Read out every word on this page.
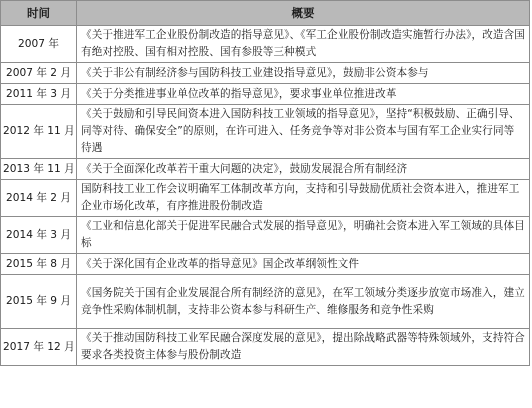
时间	概要
2007 年	《关于推进军工企业股份制改造的指导意见》、《军工企业股份制改造实施暂行办法》，改造含国有绝对控股、国有相对控股、国有参股等三种模式
2007 年 2 月	《关于非公有制经济参与国防科技工业建设指导意见》，鼓励非公资本参与
2011 年 3 月	《关于分类推进事业单位改革的指导意见》，要求事业单位推进改革
2012 年 11 月	《关于鼓励和引导民间资本进入国防科技工业领域的指导意见》，坚持“积极鼓励、正确引导、同等对待、确保安全”的原则，在许可进入、任务竞争等对非公资本与国有军工企业实行同等待遇
2013 年 11 月	《关于全面深化改革若干重大问题的决定》，鼓励发展混合所有制经济
2014 年 2 月	国防科技工业工作会议明确军工体制改革方向，支持和引导鼓励优质社会资本进入，推进军工企业市场化改革，有序推进股份制改造
2014 年 3 月	《工业和信息化部关于促进军民融合式发展的指导意见》，明确社会资本进入军工领域的具体目标
2015 年 8 月	《关于深化国有企业改革的指导意见》国企改革纲领性文件
2015 年 9 月	《国务院关于国有企业发展混合所有制经济的意见》，在军工领域分类逐步放宽市场准入，建立竞争性采购体制机制，支持非公资本参与科研生产、维修服务和竞争性采购
2017 年 12 月	《关于推动国防科技工业军民融合深度发展的意见》，提出除战略武器等特殊领域外，支持符合要求各类投资主体参与股份制改造
